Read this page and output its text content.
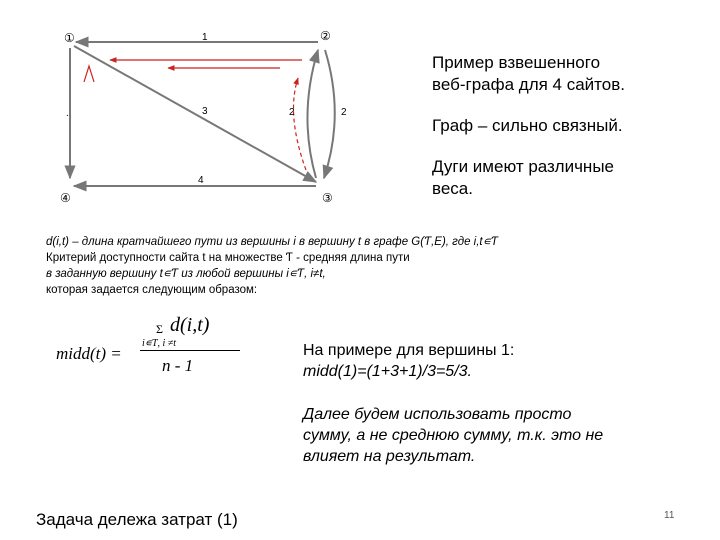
1
3	2	2
4
.
①	②
③
④
Пример взвешенного
веб-графа для 4 сайтов.
Граф – сильно связный.
Дуги имеют различные
веса.
d(i,t) – длина кратчайшего пути из вершины i в вершину t в графе G(Ƭ,E), где i,t∊Ƭ
Критерий доступности сайта t на множестве Ƭ - средняя длина пути
в заданную вершину t∊Ƭ из любой вершины i∊Ƭ, i≠t,
которая задается следующим образом:
midd(t) =
Σ d(i,t)
i∊Ƭ, i ≠t
n - 1
На примере для вершины 1:
midd(1)=(1+3+1)/3=5/3.
Далее будем использовать просто
сумму, а не среднюю сумму, т.к. это не
влияет на результат.
Задача дележа затрат (1)	11
